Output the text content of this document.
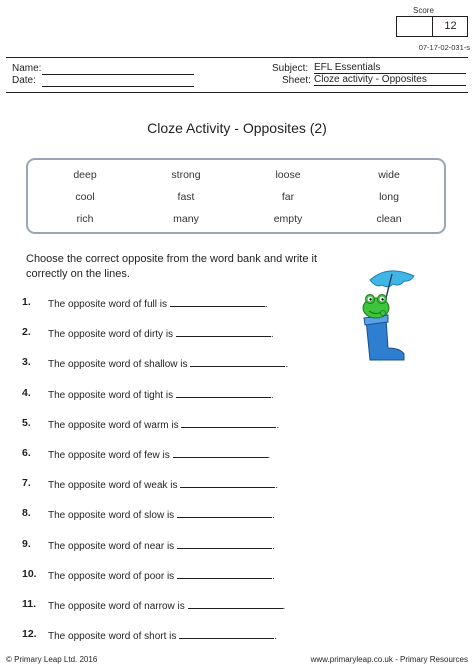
Score
12
07-17-02-031-s
Name:
Date:
Subject: EFL Essentials
Sheet: Cloze activity - Opposites
Cloze Activity - Opposites (2)
deep	strong	loose	wide
cool	fast	far	long
rich	many	empty	clean
Choose the correct opposite from the word bank and write it correctly on the lines.
1.	The opposite word of full is	.
2.	The opposite word of dirty is	.
3.	The opposite word of shallow is	.
4.	The opposite word of tight is	.
5.	The opposite word of warm is	.
6.	The opposite word of few is	.
7.	The opposite word of weak is	.
8.	The opposite word of slow is	.
9.	The opposite word of near is	.
10.	The opposite word of poor is	.
11.	The opposite word of narrow is	.
12.	The opposite word of short is	.
© Primary Leap Ltd. 2016	www.primaryleap.co.uk - Primary Resources
